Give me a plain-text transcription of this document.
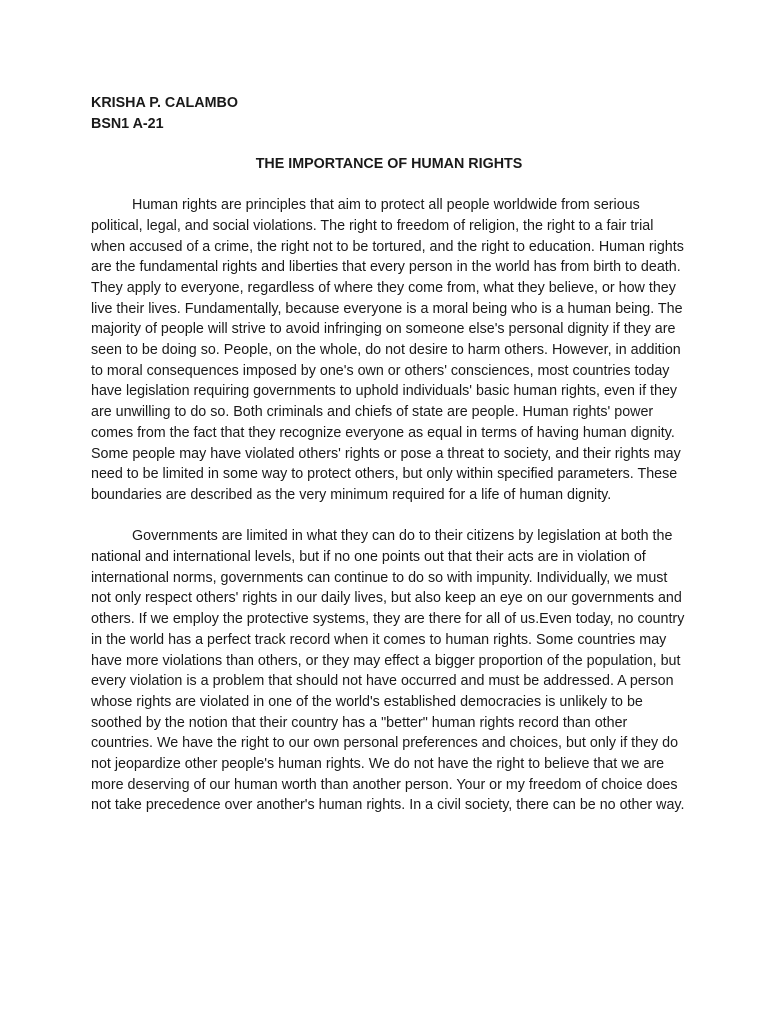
KRISHA P. CALAMBO

BSN1 A-21

THE IMPORTANCE OF HUMAN RIGHTS

Human rights are principles that aim to protect all people worldwide from serious political, legal, and social violations. The right to freedom of religion, the right to a fair trial when accused of a crime, the right not to be tortured, and the right to education. Human rights are the fundamental rights and liberties that every person in the world has from birth to death. They apply to everyone, regardless of where they come from, what they believe, or how they live their lives. Fundamentally, because everyone is a moral being who is a human being. The majority of people will strive to avoid infringing on someone else's personal dignity if they are seen to be doing so. People, on the whole, do not desire to harm others. However, in addition to moral consequences imposed by one's own or others' consciences, most countries today have legislation requiring governments to uphold individuals' basic human rights, even if they are unwilling to do so. Both criminals and chiefs of state are people. Human rights' power comes from the fact that they recognize everyone as equal in terms of having human dignity. Some people may have violated others' rights or pose a threat to society, and their rights may need to be limited in some way to protect others, but only within specified parameters. These boundaries are described as the very minimum required for a life of human dignity.

Governments are limited in what they can do to their citizens by legislation at both the national and international levels, but if no one points out that their acts are in violation of international norms, governments can continue to do so with impunity. Individually, we must not only respect others' rights in our daily lives, but also keep an eye on our governments and others. If we employ the protective systems, they are there for all of us.Even today, no country in the world has a perfect track record when it comes to human rights. Some countries may have more violations than others, or they may effect a bigger proportion of the population, but every violation is a problem that should not have occurred and must be addressed. A person whose rights are violated in one of the world's established democracies is unlikely to be soothed by the notion that their country has a "better" human rights record than other countries. We have the right to our own personal preferences and choices, but only if they do not jeopardize other people's human rights. We do not have the right to believe that we are more deserving of our human worth than another person. Your or my freedom of choice does not take precedence over another's human rights. In a civil society, there can be no other way.
